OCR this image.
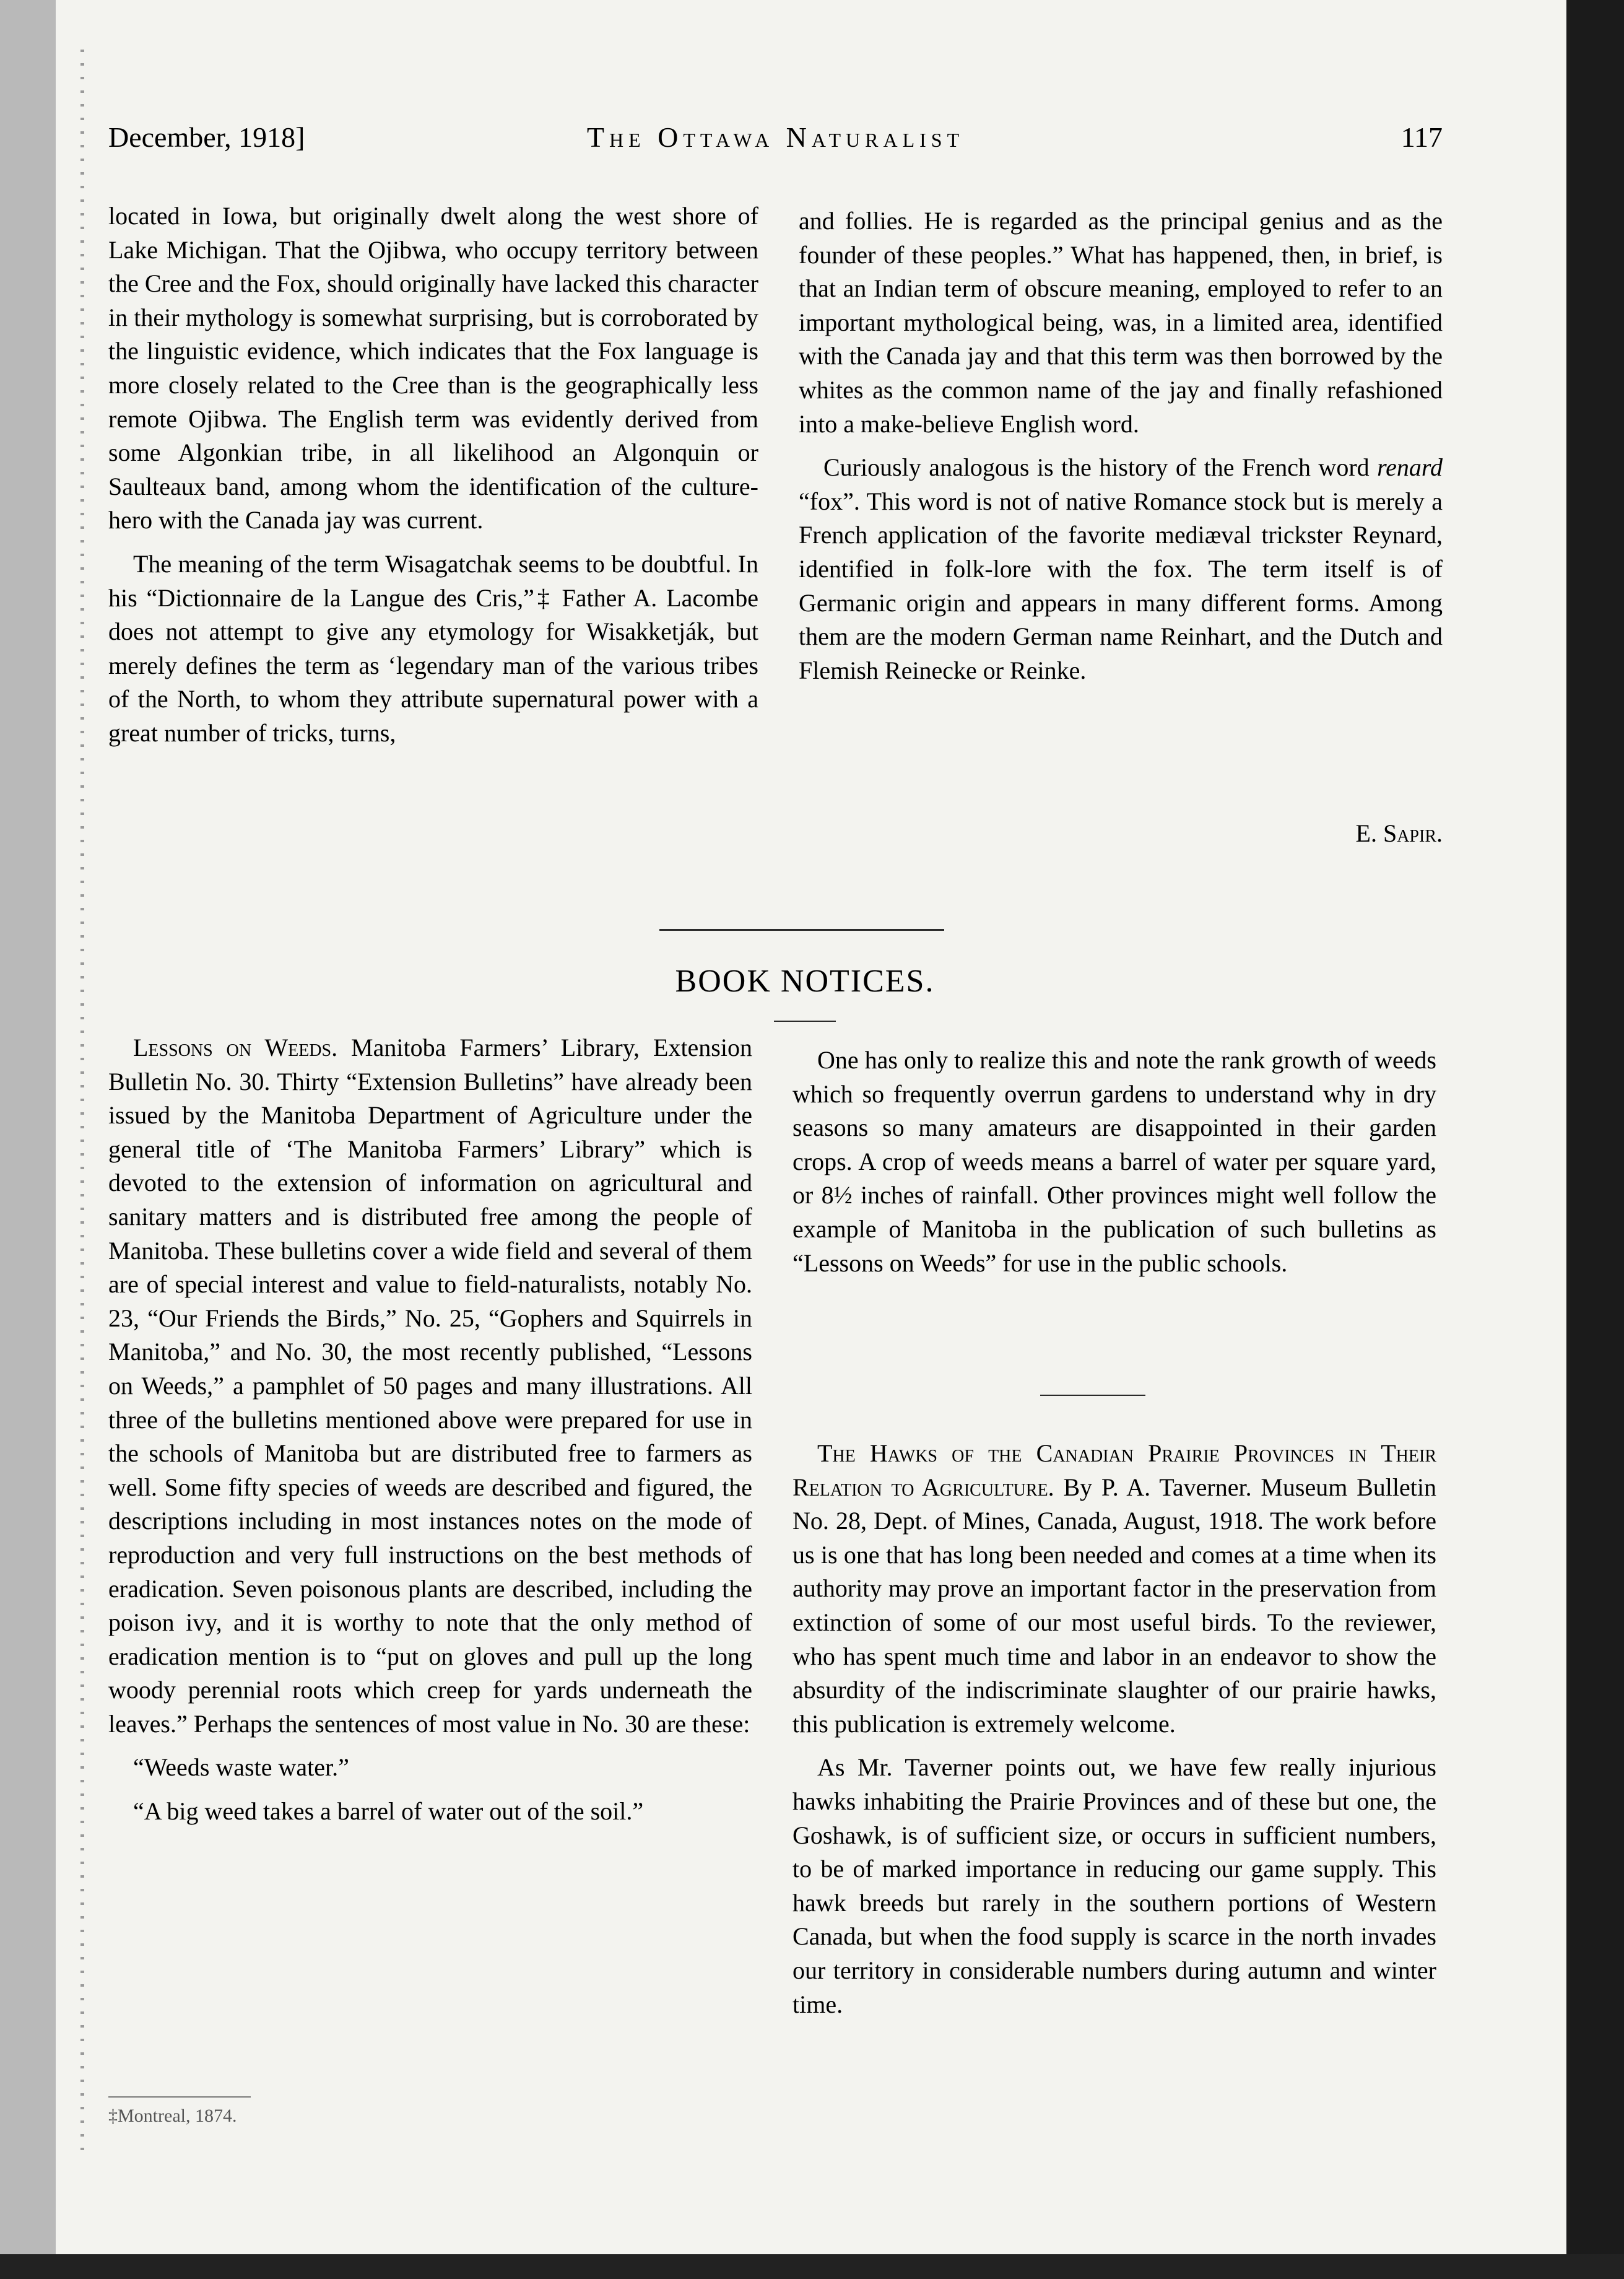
December, 1918]	The Ottawa Naturalist	117

located in Iowa, but originally dwelt along the west shore of Lake Michigan. That the Ojibwa, who occupy territory between the Cree and the Fox, should originally have lacked this character in their mythology is somewhat surprising, but is corroborated by the linguistic evidence, which indicates that the Fox language is more closely related to the Cree than is the geographically less remote Ojibwa. The English term was evidently derived from some Algonkian tribe, in all likelihood an Algonquin or Saulteaux band, among whom the identification of the culture-hero with the Canada jay was current.

The meaning of the term Wisagatchak seems to be doubtful. In his “Dictionnaire de la Langue des Cris,”‡ Father A. Lacombe does not attempt to give any etymology for Wisakketják, but merely defines the term as ‘legendary man of the various tribes of the North, to whom they attribute supernatural power with a great number of tricks, turns,

and follies. He is regarded as the principal genius and as the founder of these peoples.” What has happened, then, in brief, is that an Indian term of obscure meaning, employed to refer to an important mythological being, was, in a limited area, identified with the Canada jay and that this term was then borrowed by the whites as the common name of the jay and finally refashioned into a make-believe English word.

Curiously analogous is the history of the French word renard “fox”. This word is not of native Romance stock but is merely a French application of the favorite mediæval trickster Reynard, identified in folk-lore with the fox. The term itself is of Germanic origin and appears in many different forms. Among them are the modern German name Reinhart, and the Dutch and Flemish Reinecke or Reinke.

E. Sapir.
BOOK NOTICES.

Lessons on Weeds. Manitoba Farmers’ Library, Extension Bulletin No. 30. Thirty “Extension Bulletins” have already been issued by the Manitoba Department of Agriculture under the general title of ‘The Manitoba Farmers’ Library” which is devoted to the extension of information on agricultural and sanitary matters and is distributed free among the people of Manitoba. These bulletins cover a wide field and several of them are of special interest and value to field-naturalists, notably No. 23, “Our Friends the Birds,” No. 25, “Gophers and Squirrels in Manitoba,” and No. 30, the most recently published, “Lessons on Weeds,” a pamphlet of 50 pages and many illustrations. All three of the bulletins mentioned above were prepared for use in the schools of Manitoba but are distributed free to farmers as well. Some fifty species of weeds are described and figured, the descriptions including in most instances notes on the mode of reproduction and very full instructions on the best methods of eradication. Seven poisonous plants are described, including the poison ivy, and it is worthy to note that the only method of eradication mention is to “put on gloves and pull up the long woody perennial roots which creep for yards underneath the leaves.” Perhaps the sentences of most value in No. 30 are these:

“Weeds waste water.”

“A big weed takes a barrel of water out of the soil.”

One has only to realize this and note the rank growth of weeds which so frequently overrun gardens to understand why in dry seasons so many amateurs are disappointed in their garden crops. A crop of weeds means a barrel of water per square yard, or 8½ inches of rainfall. Other provinces might well follow the example of Manitoba in the publication of such bulletins as “Lessons on Weeds” for use in the public schools.

The Hawks of the Canadian Prairie Provinces in Their Relation to Agriculture. By P. A. Taverner. Museum Bulletin No. 28, Dept. of Mines, Canada, August, 1918. The work before us is one that has long been needed and comes at a time when its authority may prove an important factor in the preservation from extinction of some of our most useful birds. To the reviewer, who has spent much time and labor in an endeavor to show the absurdity of the indiscriminate slaughter of our prairie hawks, this publication is extremely welcome.

As Mr. Taverner points out, we have few really injurious hawks inhabiting the Prairie Provinces and of these but one, the Goshawk, is of sufficient size, or occurs in sufficient numbers, to be of marked importance in reducing our game supply. This hawk breeds but rarely in the southern portions of Western Canada, but when the food supply is scarce in the north invades our territory in considerable numbers during autumn and winter time.

‡Montreal, 1874.
